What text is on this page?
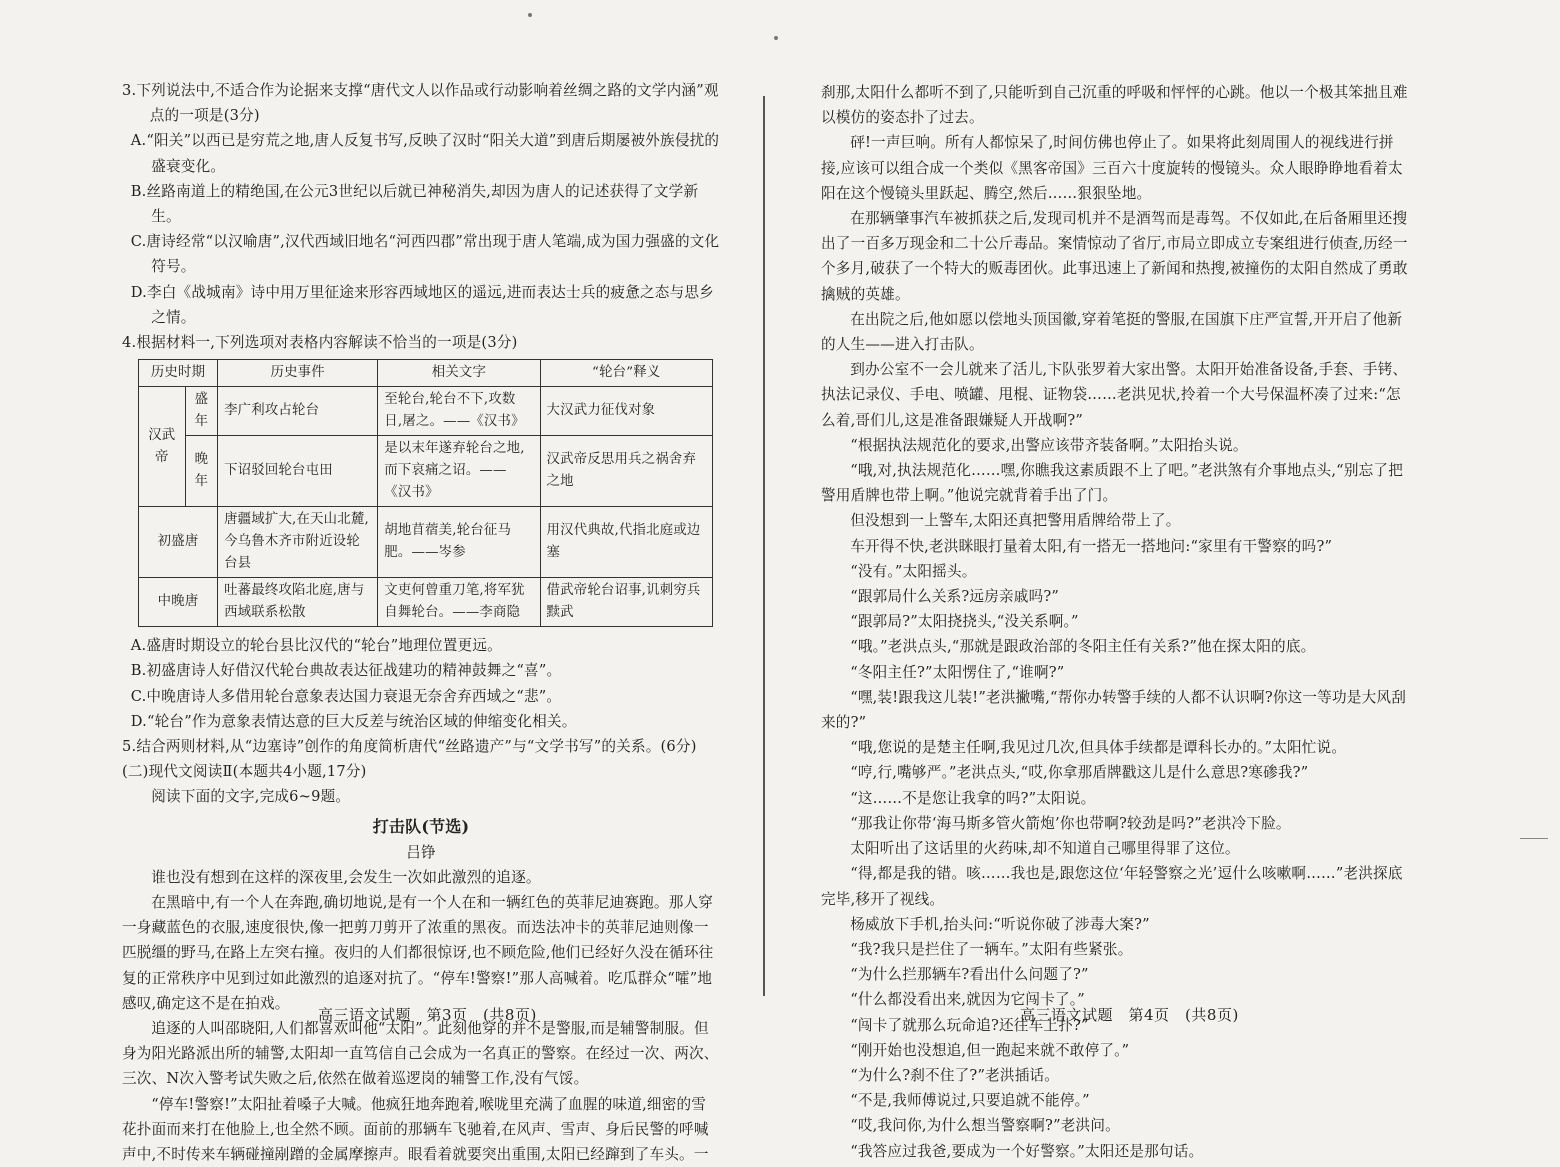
3.下列说法中,不适合作为论据来支撑“唐代文人以作品或行动影响着丝绸之路的文学内涵”观点的一项是(3分)

A.“阳关”以西已是穷荒之地,唐人反复书写,反映了汉时“阳关大道”到唐后期屡被外族侵扰的盛衰变化。

B.丝路南道上的精绝国,在公元3世纪以后就已神秘消失,却因为唐人的记述获得了文学新生。

C.唐诗经常“以汉喻唐”,汉代西域旧地名“河西四郡”常出现于唐人笔端,成为国力强盛的文化符号。

D.李白《战城南》诗中用万里征途来形容西域地区的遥远,进而表达士兵的疲惫之态与思乡之情。

4.根据材料一,下列选项对表格内容解读不恰当的一项是(3分)

历史时期		历史事件	相关文字	“轮台”释义
汉武帝	盛年	李广利攻占轮台	至轮台,轮台不下,攻数日,屠之。——《汉书》	大汉武力征伐对象
	晚年	下诏驳回轮台屯田	是以末年遂弃轮台之地,而下哀痛之诏。——《汉书》	汉武帝反思用兵之祸舍弃之地
初盛唐		唐疆域扩大,在天山北麓,今乌鲁木齐市附近设轮台县	胡地苜蓿美,轮台征马肥。——岑参	用汉代典故,代指北庭或边塞
中晚唐		吐蕃最终攻陷北庭,唐与西域联系松散	文吏何曾重刀笔,将军犹自舞轮台。——李商隐	借武帝轮台诏事,讥刺穷兵黩武

A.盛唐时期设立的轮台县比汉代的“轮台”地理位置更远。

B.初盛唐诗人好借汉代轮台典故表达征战建功的精神鼓舞之“喜”。

C.中晚唐诗人多借用轮台意象表达国力衰退无奈舍弃西域之“悲”。

D.“轮台”作为意象表情达意的巨大反差与统治区域的伸缩变化相关。

5.结合两则材料,从“边塞诗”创作的角度简析唐代“丝路遗产”与“文学书写”的关系。(6分)

(二)现代文阅读Ⅱ(本题共4小题,17分)

阅读下面的文字,完成6~9题。

打击队(节选)

吕铮

谁也没有想到在这样的深夜里,会发生一次如此激烈的追逐。

在黑暗中,有一个人在奔跑,确切地说,是有一个人在和一辆红色的英菲尼迪赛跑。那人穿一身藏蓝色的衣服,速度很快,像一把剪刀剪开了浓重的黑夜。而迭法冲卡的英菲尼迪则像一匹脱缰的野马,在路上左突右撞。夜归的人们都很惊讶,也不顾危险,他们已经好久没在循环往复的正常秩序中见到过如此激烈的追逐对抗了。“停车!警察!”那人高喊着。吃瓜群众“嚯”地感叹,确定这不是在拍戏。

追逐的人叫邵晓阳,人们都喜欢叫他“太阳”。此刻他穿的并不是警服,而是辅警制服。但身为阳光路派出所的辅警,太阳却一直笃信自己会成为一名真正的警察。在经过一次、两次、三次、N次入警考试失败之后,依然在做着巡逻岗的辅警工作,没有气馁。

“停车!警察!”太阳扯着嗓子大喊。他疯狂地奔跑着,喉咙里充满了血腥的味道,细密的雪花扑面而来打在他脸上,也全然不顾。面前的那辆车飞驰着,在风声、雪声、身后民警的呼喊声中,不时传来车辆碰撞剐蹭的金属摩擦声。眼看着就要突出重围,太阳已经蹿到了车头。一

高三语文试题　第3页　(共8页)

刹那,太阳什么都听不到了,只能听到自己沉重的呼吸和怦怦的心跳。他以一个极其笨拙且难以模仿的姿态扑了过去。

砰!一声巨响。所有人都惊呆了,时间仿佛也停止了。如果将此刻周围人的视线进行拼接,应该可以组合成一个类似《黑客帝国》三百六十度旋转的慢镜头。众人眼睁睁地看着太阳在这个慢镜头里跃起、腾空,然后……狠狠坠地。

在那辆肇事汽车被抓获之后,发现司机并不是酒驾而是毒驾。不仅如此,在后备厢里还搜出了一百多万现金和二十公斤毒品。案情惊动了省厅,市局立即成立专案组进行侦查,历经一个多月,破获了一个特大的贩毒团伙。此事迅速上了新闻和热搜,被撞伤的太阳自然成了勇敢擒贼的英雄。

在出院之后,他如愿以偿地头顶国徽,穿着笔挺的警服,在国旗下庄严宣誓,开开启了他新的人生——进入打击队。

到办公室不一会儿就来了活儿,卞队张罗着大家出警。太阳开始准备设备,手套、手铐、执法记录仪、手电、喷罐、甩棍、证物袋……老洪见状,拎着一个大号保温杯凑了过来:“怎么着,哥们儿,这是准备跟嫌疑人开战啊?”

“根据执法规范化的要求,出警应该带齐装备啊。”太阳抬头说。

“哦,对,执法规范化……嘿,你瞧我这素质跟不上了吧。”老洪煞有介事地点头,“别忘了把警用盾牌也带上啊。”他说完就背着手出了门。

但没想到一上警车,太阳还真把警用盾牌给带上了。

车开得不快,老洪眯眼打量着太阳,有一搭无一搭地问:“家里有干警察的吗?”

“没有。”太阳摇头。

“跟郭局什么关系?远房亲戚吗?”

“跟郭局?”太阳挠挠头,“没关系啊。”

“哦。”老洪点头,“那就是跟政治部的冬阳主任有关系?”他在探太阳的底。

“冬阳主任?”太阳愣住了,“谁啊?”

“嘿,装!跟我这儿装!”老洪撇嘴,“帮你办转警手续的人都不认识啊?你这一等功是大风刮来的?”

“哦,您说的是楚主任啊,我见过几次,但具体手续都是谭科长办的。”太阳忙说。

“哼,行,嘴够严。”老洪点头,“哎,你拿那盾牌戳这儿是什么意思?寒碜我?”

“这……不是您让我拿的吗?”太阳说。

“那我让你带‘海马斯多管火箭炮’你也带啊?较劲是吗?”老洪冷下脸。

太阳听出了这话里的火药味,却不知道自己哪里得罪了这位。

“得,都是我的错。咳……我也是,跟您这位‘年轻警察之光’逗什么咳嗽啊……”老洪探底完毕,移开了视线。

杨威放下手机,抬头问:“听说你破了涉毒大案?”

“我?我只是拦住了一辆车。”太阳有些紧张。

“为什么拦那辆车?看出什么问题了?”

“什么都没看出来,就因为它闯卡了。”

“闯卡了就那么玩命追?还往车上扑?”

“刚开始也没想追,但一跑起来就不敢停了。”

“为什么?刹不住了?”老洪插话。

“不是,我师傅说过,只要追就不能停。”

“哎,我问你,为什么想当警察啊?”老洪问。

“我答应过我爸,要成为一个好警察。”太阳还是那句话。

高三语文试题　第4页　(共8页)
